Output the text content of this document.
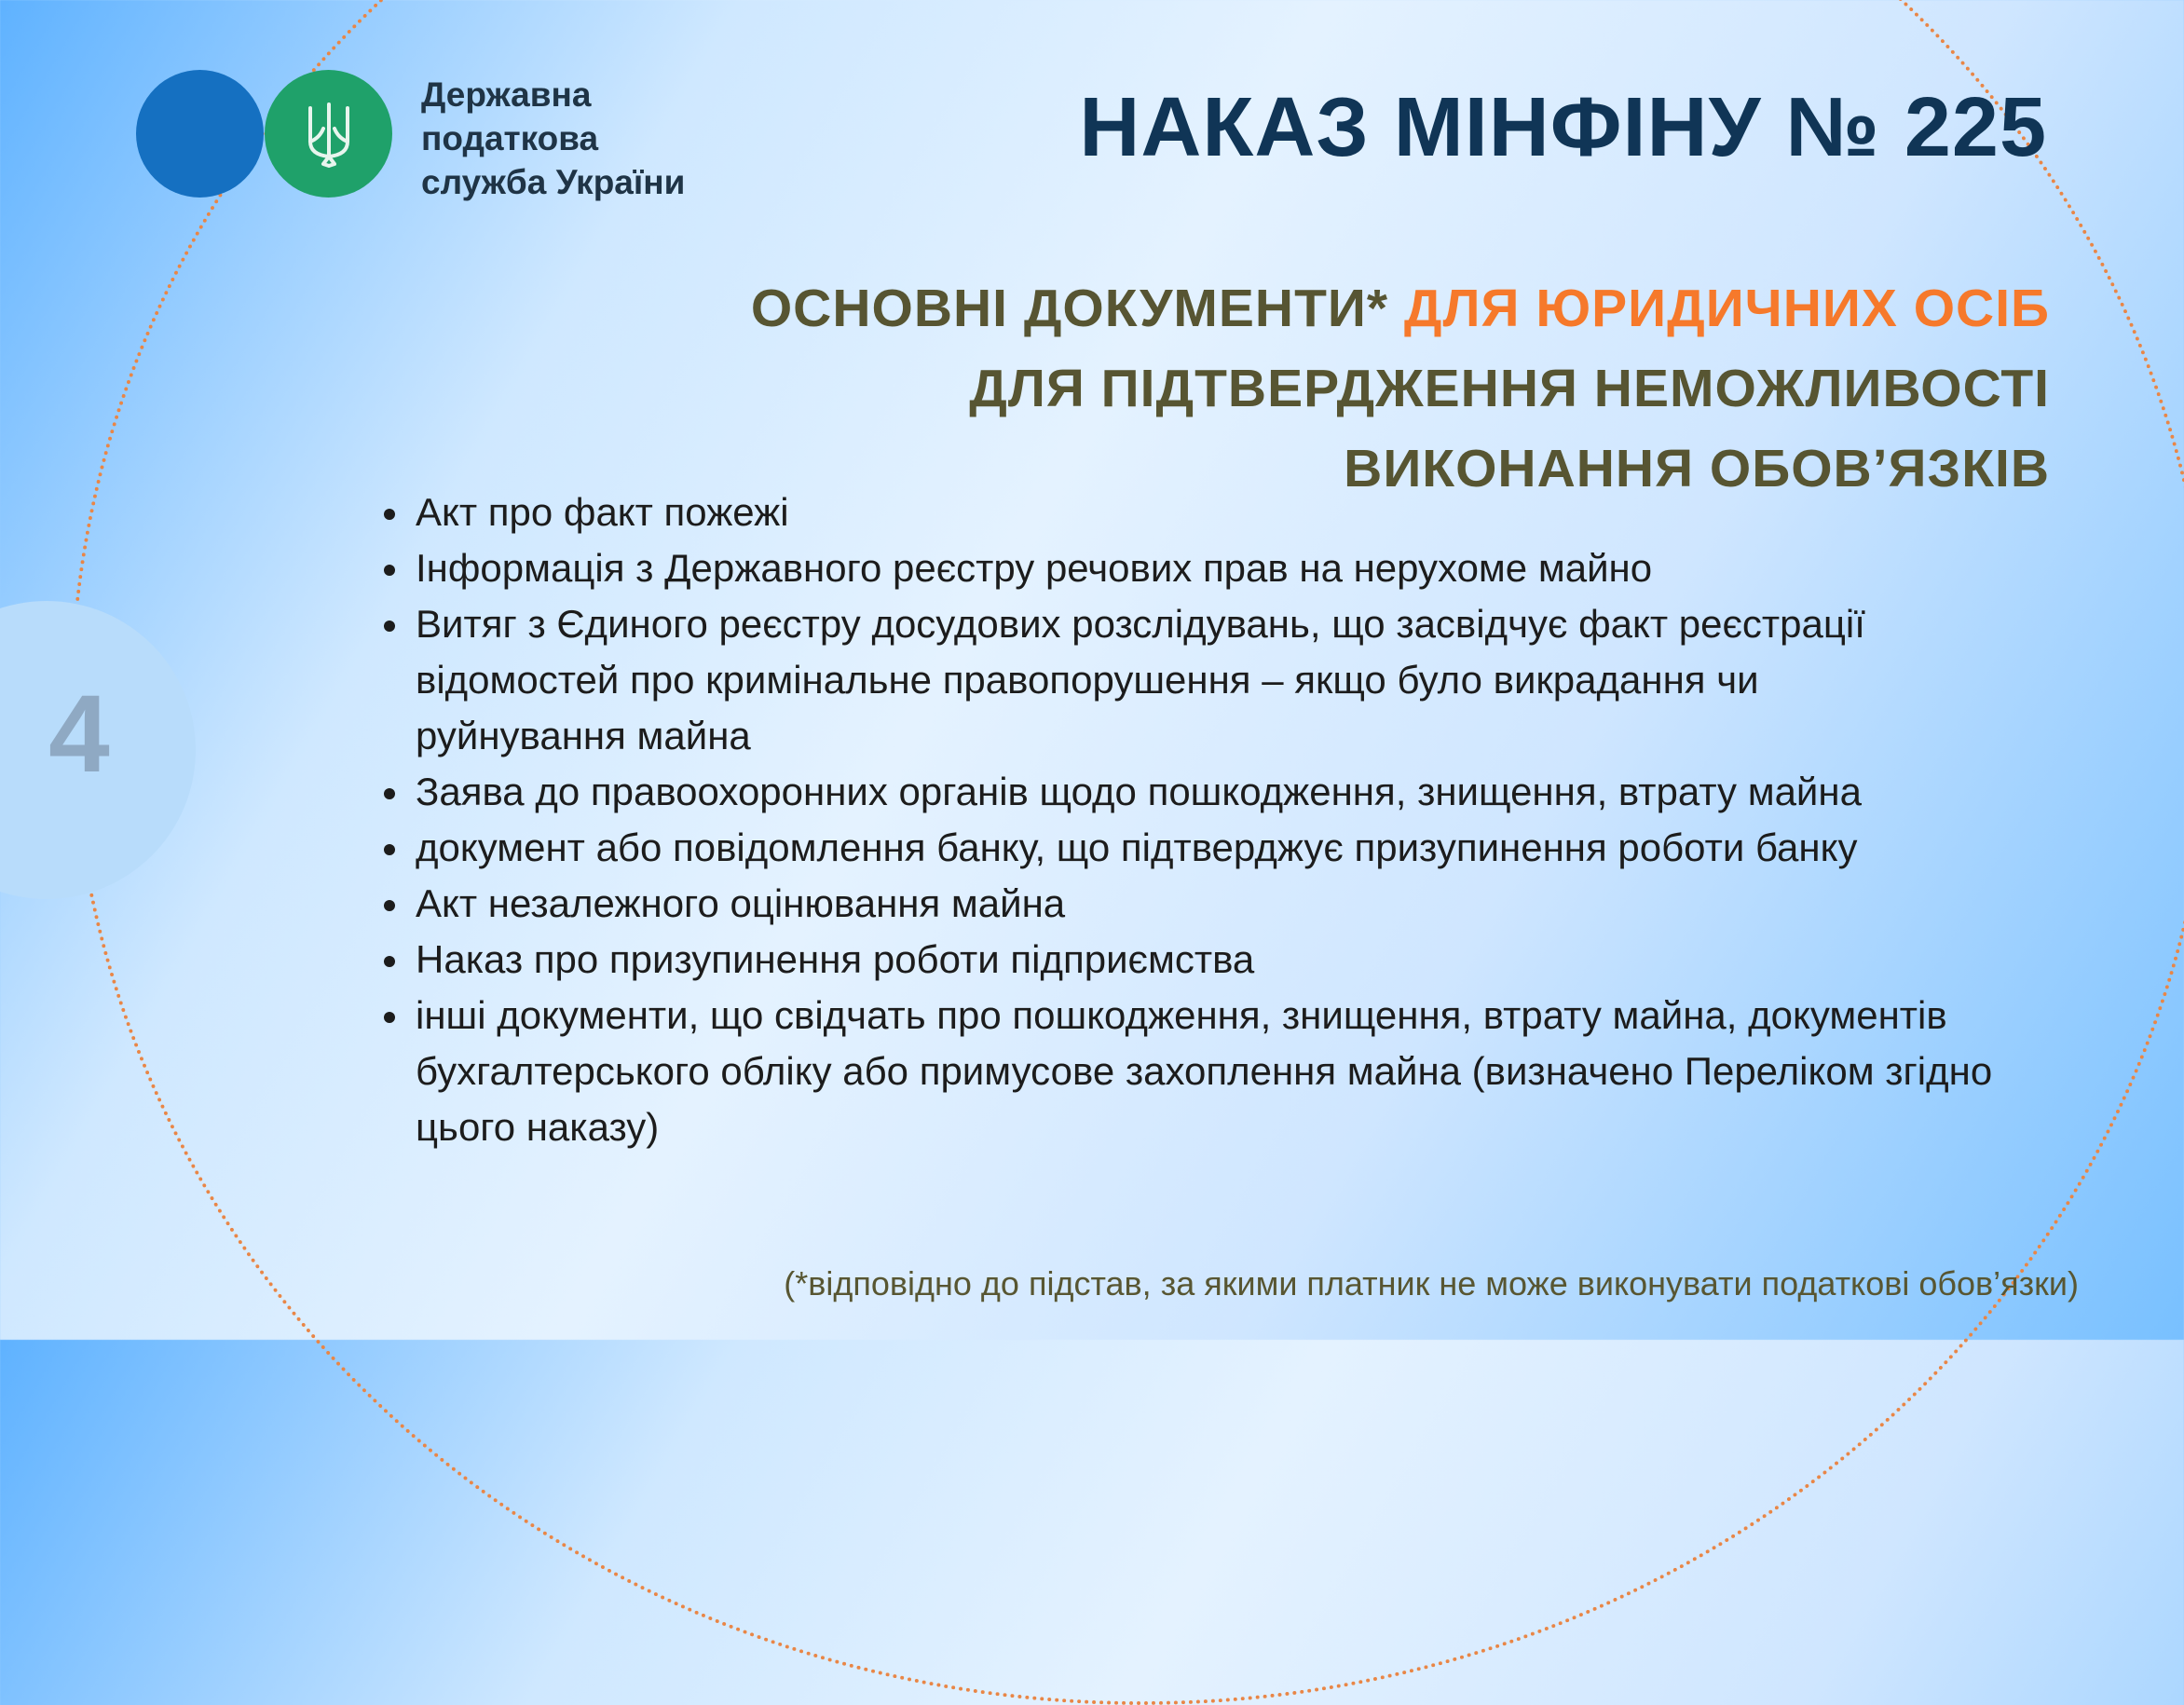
4
Державна
податкова
служба України
НАКАЗ МІНФІНУ № 225
ОСНОВНІ ДОКУМЕНТИ* ДЛЯ ЮРИДИЧНИХ ОСІБ
ДЛЯ ПІДТВЕРДЖЕННЯ НЕМОЖЛИВОСТІ
ВИКОНАННЯ ОБОВ’ЯЗКІВ
Акт про факт пожежі
Інформація з Державного реєстру речових прав на нерухоме майно
Витяг з Єдиного реєстру досудових розслідувань, що засвідчує факт реєстрації відомостей про кримінальне правопорушення – якщо було викрадання чи руйнування майна
Заява до правоохоронних органів щодо пошкодження, знищення, втрату майна
документ або повідомлення банку, що підтверджує призупинення роботи банку
Акт незалежного оцінювання майна
Наказ про призупинення роботи підприємства
інші документи, що свідчать про пошкодження, знищення, втрату майна, документів бухгалтерського обліку або примусове захоплення майна (визначено Переліком згідно цього наказу)
(*відповідно до підстав, за якими платник не може виконувати податкові обов’язки)
